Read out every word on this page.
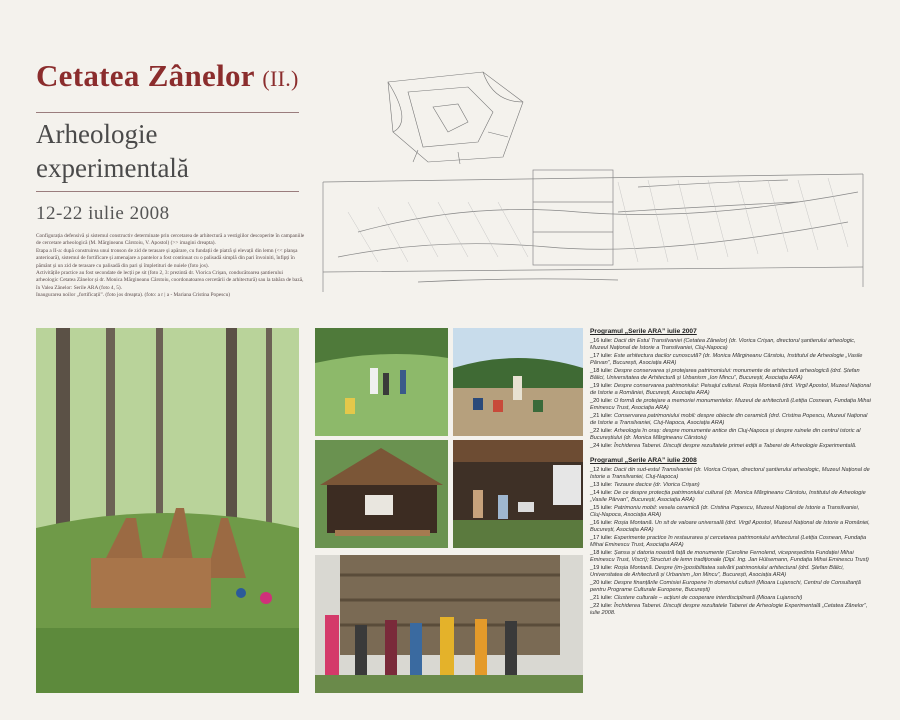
Cetatea Zânelor (II.)
Arheologie
experimentală
12-22 iulie 2008

Configurația defensivă și sistemul constructiv determinate prin cercetarea de arhitectură a vestigiilor descoperite în campaniile de cercetare arheologică (M. Mărgineanu Cârstoiu, V. Apostol) (>> imagini dreapta).

Etapa a II-a: după construirea unui tronson de zid de terasare și apărare, cu fundații de piatră și elevații din lemn (<< planșa anterioară), sistemul de fortificare și amenajare a pantelor a fost continuat cu o palisadă simplă din pari învoiniti, înfipți în pământ și un zid de terasare cu palisadă din pari și împletituri de nuiele (foto jos).

Activitățile practice au fost secondate de lecții pe sit (foto 2, 3: prezintă dr. Viorica Crișan, conducătoarea șantierului arheologic Cetatea Zânelor și dr. Monica Mărgineanu Cârstoiu, coordonatoarea cercetării de arhitectură) sau la tabăra de bază, în Valea Zânelor: Serile ARA (foto 4, 5).

Inaugurarea noilor „fortificații”. (foto jos dreapta). (foto: a r | a - Mariana Cristina Popescu)

Programul „Serile ARA” iulie 2007
_16 iulie: Dacii din Estul Transilvaniei (Cetatea Zânelor) (dr. Viorica Crișan, directorul șantierului arheologic, Muzeul Național de Istorie a Transilvaniei, Cluj-Napoca)
_17 iulie: Este arhitectura dacilor cunoscută? (dr. Monica Mărgineanu Cârstoiu, Institutul de Arheologie „Vasile Pârvan”, București, Asociația ARA)
_18 iulie: Despre conservarea și protejarea patrimoniului: monumente de arhitectură arheologică (drd. Ștefan Bâlici, Universitatea de Arhitectură și Urbanism „Ion Mincu”, București, Asociația ARA)
_19 iulie: Despre conservarea patrimoniului: Peisajul cultural. Roșia Montană (drd. Virgil Apostol, Muzeul Național de Istorie a României, București, Asociația ARA)
_20 iulie: O formă de protejare a memoriei monumentelor. Muzeul de arhitectură (Letiția Cosnean, Fundația Mihai Eminescu Trust, Asociația ARA)
_21 iulie: Conservarea patrimoniului mobil: despre obiecte din ceramică (drd. Cristina Popescu, Muzeul Național de Istorie a Transilvaniei, Cluj-Napoca, Asociația ARA)
_22 iulie: Arheologia în oraș: despre monumente antice din Cluj-Napoca și despre ruinele din centrul istoric al Bucureștiului (dr. Monica Mărgineanu Cârstoiu)
_24 iulie: Închiderea Taberei. Discuții despre rezultatele primei ediții a Taberei de Arheologie Experimentală.
Programul „Serile ARA” iulie 2008
_12 iulie: Dacii din sud-estul Transilvaniei (dr. Viorica Crișan, directorul șantierului arheologic, Muzeul Național de Istorie a Transilvaniei, Cluj-Napoca)
_13 iulie: Tezaure dacice (dr. Viorica Crișan)
_14 iulie: De ce despre protecția patrimoniului cultural (dr. Monica Mărgineanu Cârstoiu, Institutul de Arheologie „Vasile Pârvan”, București, Asociația ARA)
_15 iulie: Patrimoniu mobil: vesela ceramică (dr. Cristina Popescu, Muzeul Național de Istorie a Transilvaniei, Cluj-Napoca, Asociația ARA)
_16 iulie: Roșia Montană. Un sit de valoare universală (drd. Virgil Apostol, Muzeul Național de Istorie a României, București, Asociația ARA)
_17 iulie: Experimente practice în restaurarea și cercetarea patrimoniului arhitectural (Letiția Cosnean, Fundația Mihai Eminescu Trust, Asociația ARA)
_18 iulie: Șansa și datoria noastră față de monumente (Caroline Fernolend, vicepreședinta Fundației Mihai Eminescu Trust, Viscri); Structuri de lemn tradiționale (Dipl. Ing. Jan Hülsemann, Fundația Mihai Eminescu Trust)
_19 iulie: Roșia Montană. Despre (im-)posibilitatea salvării patrimoniului arhitectural (drd. Ștefan Bâlici, Universitatea de Arhitectură și Urbanism „Ion Mincu”, București, Asociația ARA)
_20 iulie: Despre finanțările Comisiei Europene în domeniul culturii (Mioara Lujanschi, Centrul de Consultanță pentru Programe Culturale Europene, București)
_21 iulie: Clustere culturale – acțiuni de cooperare interdisciplinară (Mioara Lujanschi)
_22 iulie: Închiderea Taberei. Discuții despre rezultatele Taberei de Arheologie Experimentală „Cetatea Zânelor”, iulie 2008.
